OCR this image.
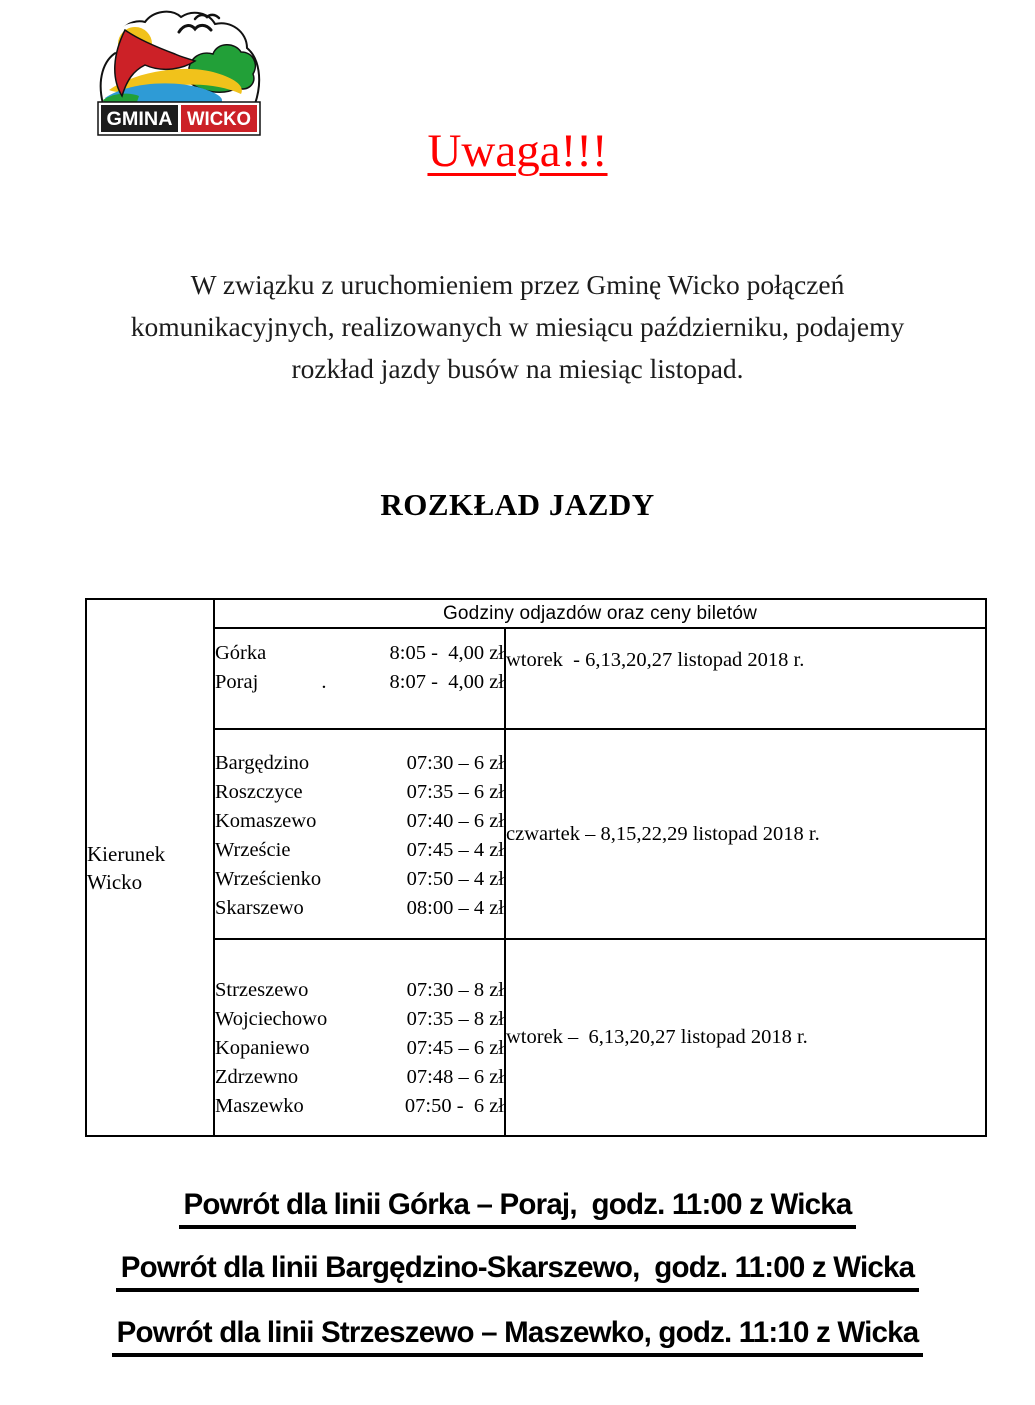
GMINA WICKO
Uwaga!!!
W związku z uruchomieniem przez Gminę Wicko połączeń
komunikacyjnych, realizowanych w miesiącu październiku, podajemy
rozkład jazdy busów na miesiąc listopad.
ROZKŁAD JAZDY
Kierunek
Wicko	Godziny odjazdów oraz ceny biletów	

	Górka 8:05 -  4,00 zł
Poraj . 8:07 -  4,00 zł	wtorek  - 6,13,20,27 listopad 2018 r.

Bargędzino	07:30 – 6 zł
Roszczyce	07:35 – 6 zł
Komaszewo	07:40 – 6 zł
Wrzeście	07:45 – 4 zł
Wrześcienko	07:50 – 4 zł
Skarszewo	08:00 – 4 zł
	czwartek – 8,15,22,29 listopad 2018 r.

Strzeszewo	07:30 – 8 zł
Wojciechowo	07:35 – 8 zł
Kopaniewo	07:45 – 6 zł
Zdrzewno	07:48 – 6 zł
Maszewko	07:50 -  6 zł
	wtorek –  6,13,20,27 listopad 2018 r.
Powrót dla linii Górka – Poraj,  godz. 11:00 z Wicka
Powrót dla linii Bargędzino-Skarszewo,  godz. 11:00 z Wicka
Powrót dla linii Strzeszewo – Maszewko, godz. 11:10 z Wicka
